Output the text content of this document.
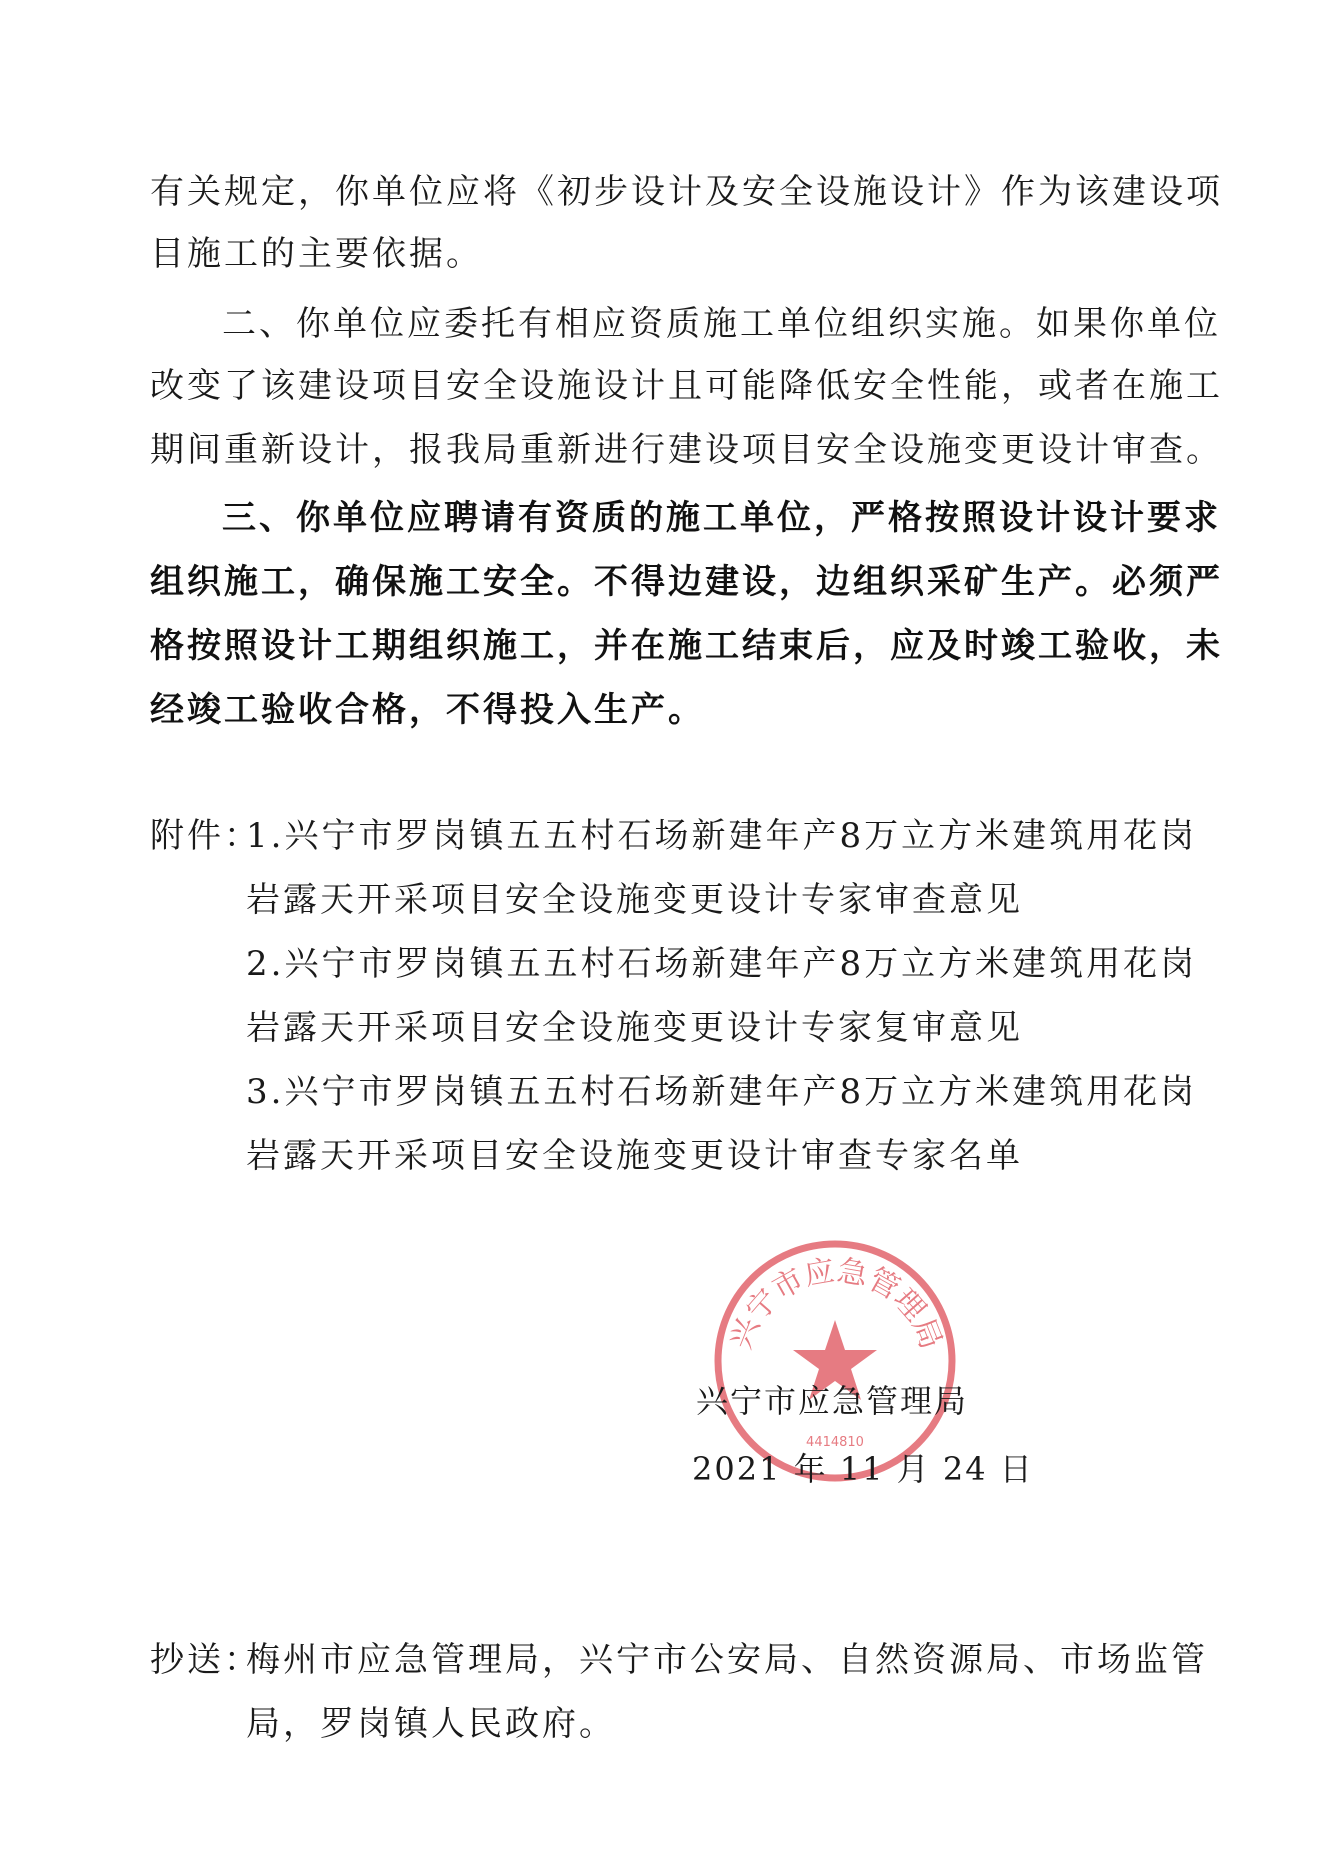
有关规定，你单位应将《初步设计及安全设施设计》作为该建设项
目施工的主要依据。
二、你单位应委托有相应资质施工单位组织实施。如果你单位
改变了该建设项目安全设施设计且可能降低安全性能，或者在施工
期间重新设计，报我局重新进行建设项目安全设施变更设计审查。
三、你单位应聘请有资质的施工单位，严格按照设计设计要求
组织施工，确保施工安全。不得边建设，边组织采矿生产。必须严
格按照设计工期组织施工，并在施工结束后，应及时竣工验收，未
经竣工验收合格，不得投入生产。
附件：
1.兴宁市罗岗镇五五村石场新建年产8万立方米建筑用花岗
岩露天开采项目安全设施变更设计专家审查意见
2.兴宁市罗岗镇五五村石场新建年产8万立方米建筑用花岗
岩露天开采项目安全设施变更设计专家复审意见
3.兴宁市罗岗镇五五村石场新建年产8万立方米建筑用花岗
岩露天开采项目安全设施变更设计审查专家名单
兴宁市应急管理局
4414810
兴宁市应急管理局
2021 年 11 月 24 日
抄送：
梅州市应急管理局，兴宁市公安局、自然资源局、市场监管
局，罗岗镇人民政府。
